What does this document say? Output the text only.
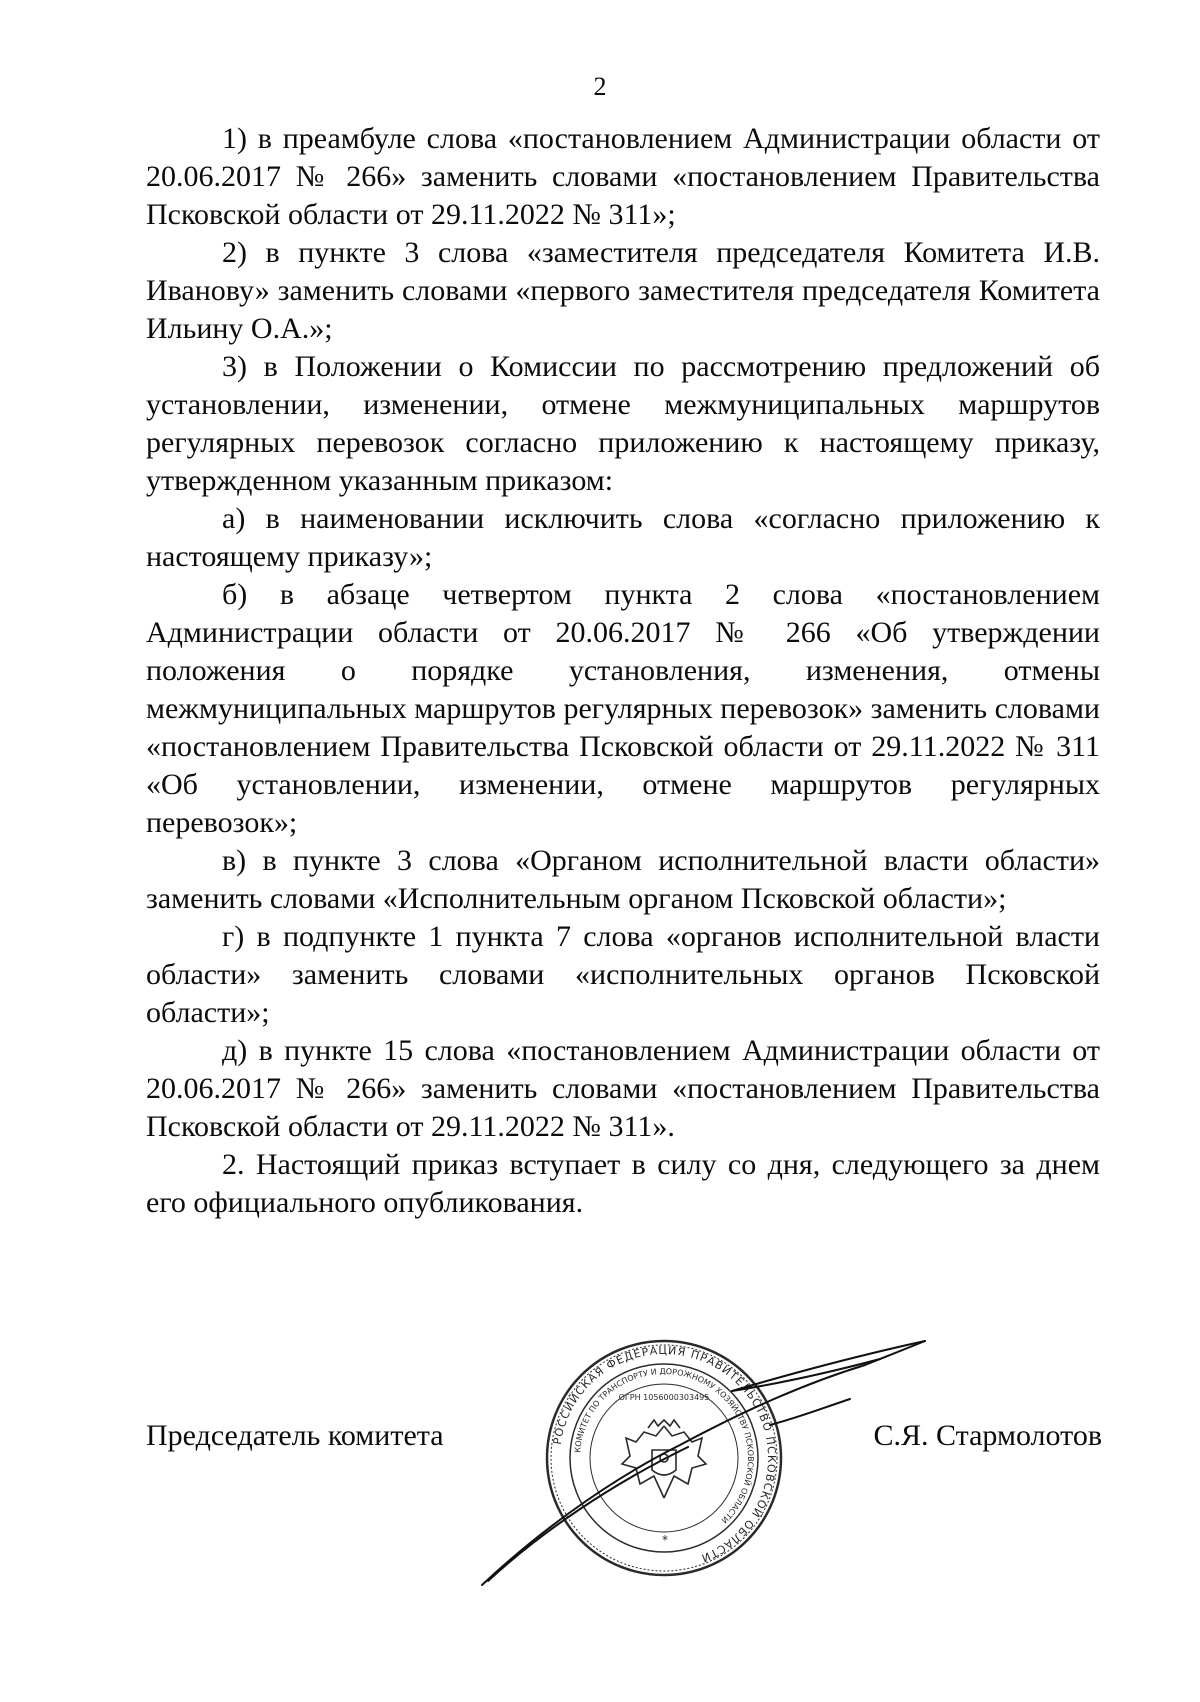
2

1) в преамбуле слова «постановлением Администрации области от 20.06.2017 № 266» заменить словами «постановлением Правительства Псковской области от 29.11.2022 № 311»;

2) в пункте 3 слова «заместителя председателя Комитета И.В. Иванову» заменить словами «первого заместителя председателя Комитета Ильину О.А.»;

3) в Положении о Комиссии по рассмотрению предложений об установлении, изменении, отмене межмуниципальных маршрутов регулярных перевозок согласно приложению к настоящему приказу, утвержденном указанным приказом:

а) в наименовании исключить слова «согласно приложению к настоящему приказу»;

б) в абзаце четвертом пункта 2 слова «постановлением Администрации области от 20.06.2017 № 266 «Об утверждении положения о порядке установления, изменения, отмены межмуниципальных маршрутов регулярных перевозок» заменить словами «постановлением Правительства Псковской области от 29.11.2022 № 311 «Об установлении, изменении, отмене маршрутов регулярных перевозок»;

в) в пункте 3 слова «Органом исполнительной власти области» заменить словами «Исполнительным органом Псковской области»;

г) в подпункте 1 пункта 7 слова «органов исполнительной власти области» заменить словами «исполнительных органов Псковской области»;

д) в пункте 15 слова «постановлением Администрации области от 20.06.2017 № 266» заменить словами «постановлением Правительства Псковской области от 29.11.2022 № 311».

2. Настоящий приказ вступает в силу со дня, следующего за днем его официального опубликования.

Председатель комитета	С.Я. Стармолотов
РОССИЙСКАЯ ФЕДЕРАЦИЯ ПРАВИТЕЛЬСТВО ПСКОВСКОЙ ОБЛАСТИ
КОМИТЕТ ПО ТРАНСПОРТУ И ДОРОЖНОМУ ХОЗЯЙСТВУ ПСКОВСКОЙ ОБЛАСТИ
ОГРН 1056000303495
*
